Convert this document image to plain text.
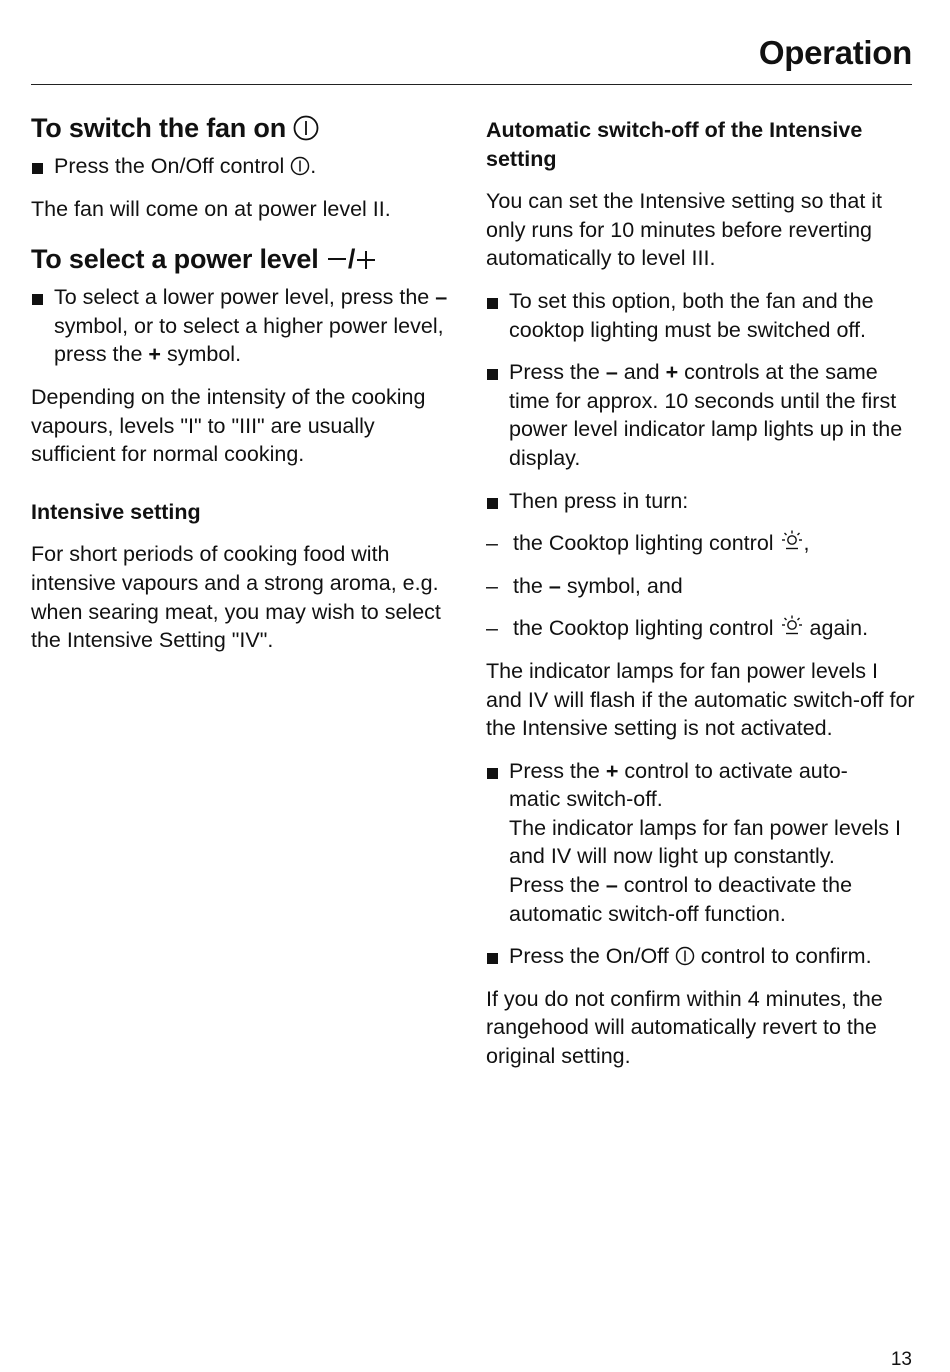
Operation
To switch the fan on

Press the On/Off control .

The fan will come on at power level II.

To select a power level /

To select a lower power level, press the – symbol, or to select a higher power level, press the + symbol.

Depending on the intensity of the cooking vapours, levels "I" to "III" are usually sufficient for normal cooking.

Intensive setting

For short periods of cooking food with intensive vapours and a strong aroma, e.g. when searing meat, you may wish to select the Intensive Setting "IV".

Automatic switch-off of the Intensive
setting

You can set the Intensive setting so that it only runs for 10 minutes before reverting automatically to level III.

To set this option, both the fan and the cooktop lighting must be switched off.

Press the – and + controls at the same time for approx. 10 seconds until the first power level indicator lamp lights up in the display.

Then press in turn:

– the Cooktop lighting control ,

– the – symbol, and

– the Cooktop lighting control again.

The indicator lamps for fan power levels I and IV will flash if the automatic switch-off for the Intensive setting is not activated.

Press the + control to activate auto-
matic switch-off.
The indicator lamps for fan power levels I and IV will now light up constantly.
Press the – control to deactivate the automatic switch-off function.

Press the On/Off control to confirm.

If you do not confirm within 4 minutes, the rangehood will automatically revert to the original setting.

13
